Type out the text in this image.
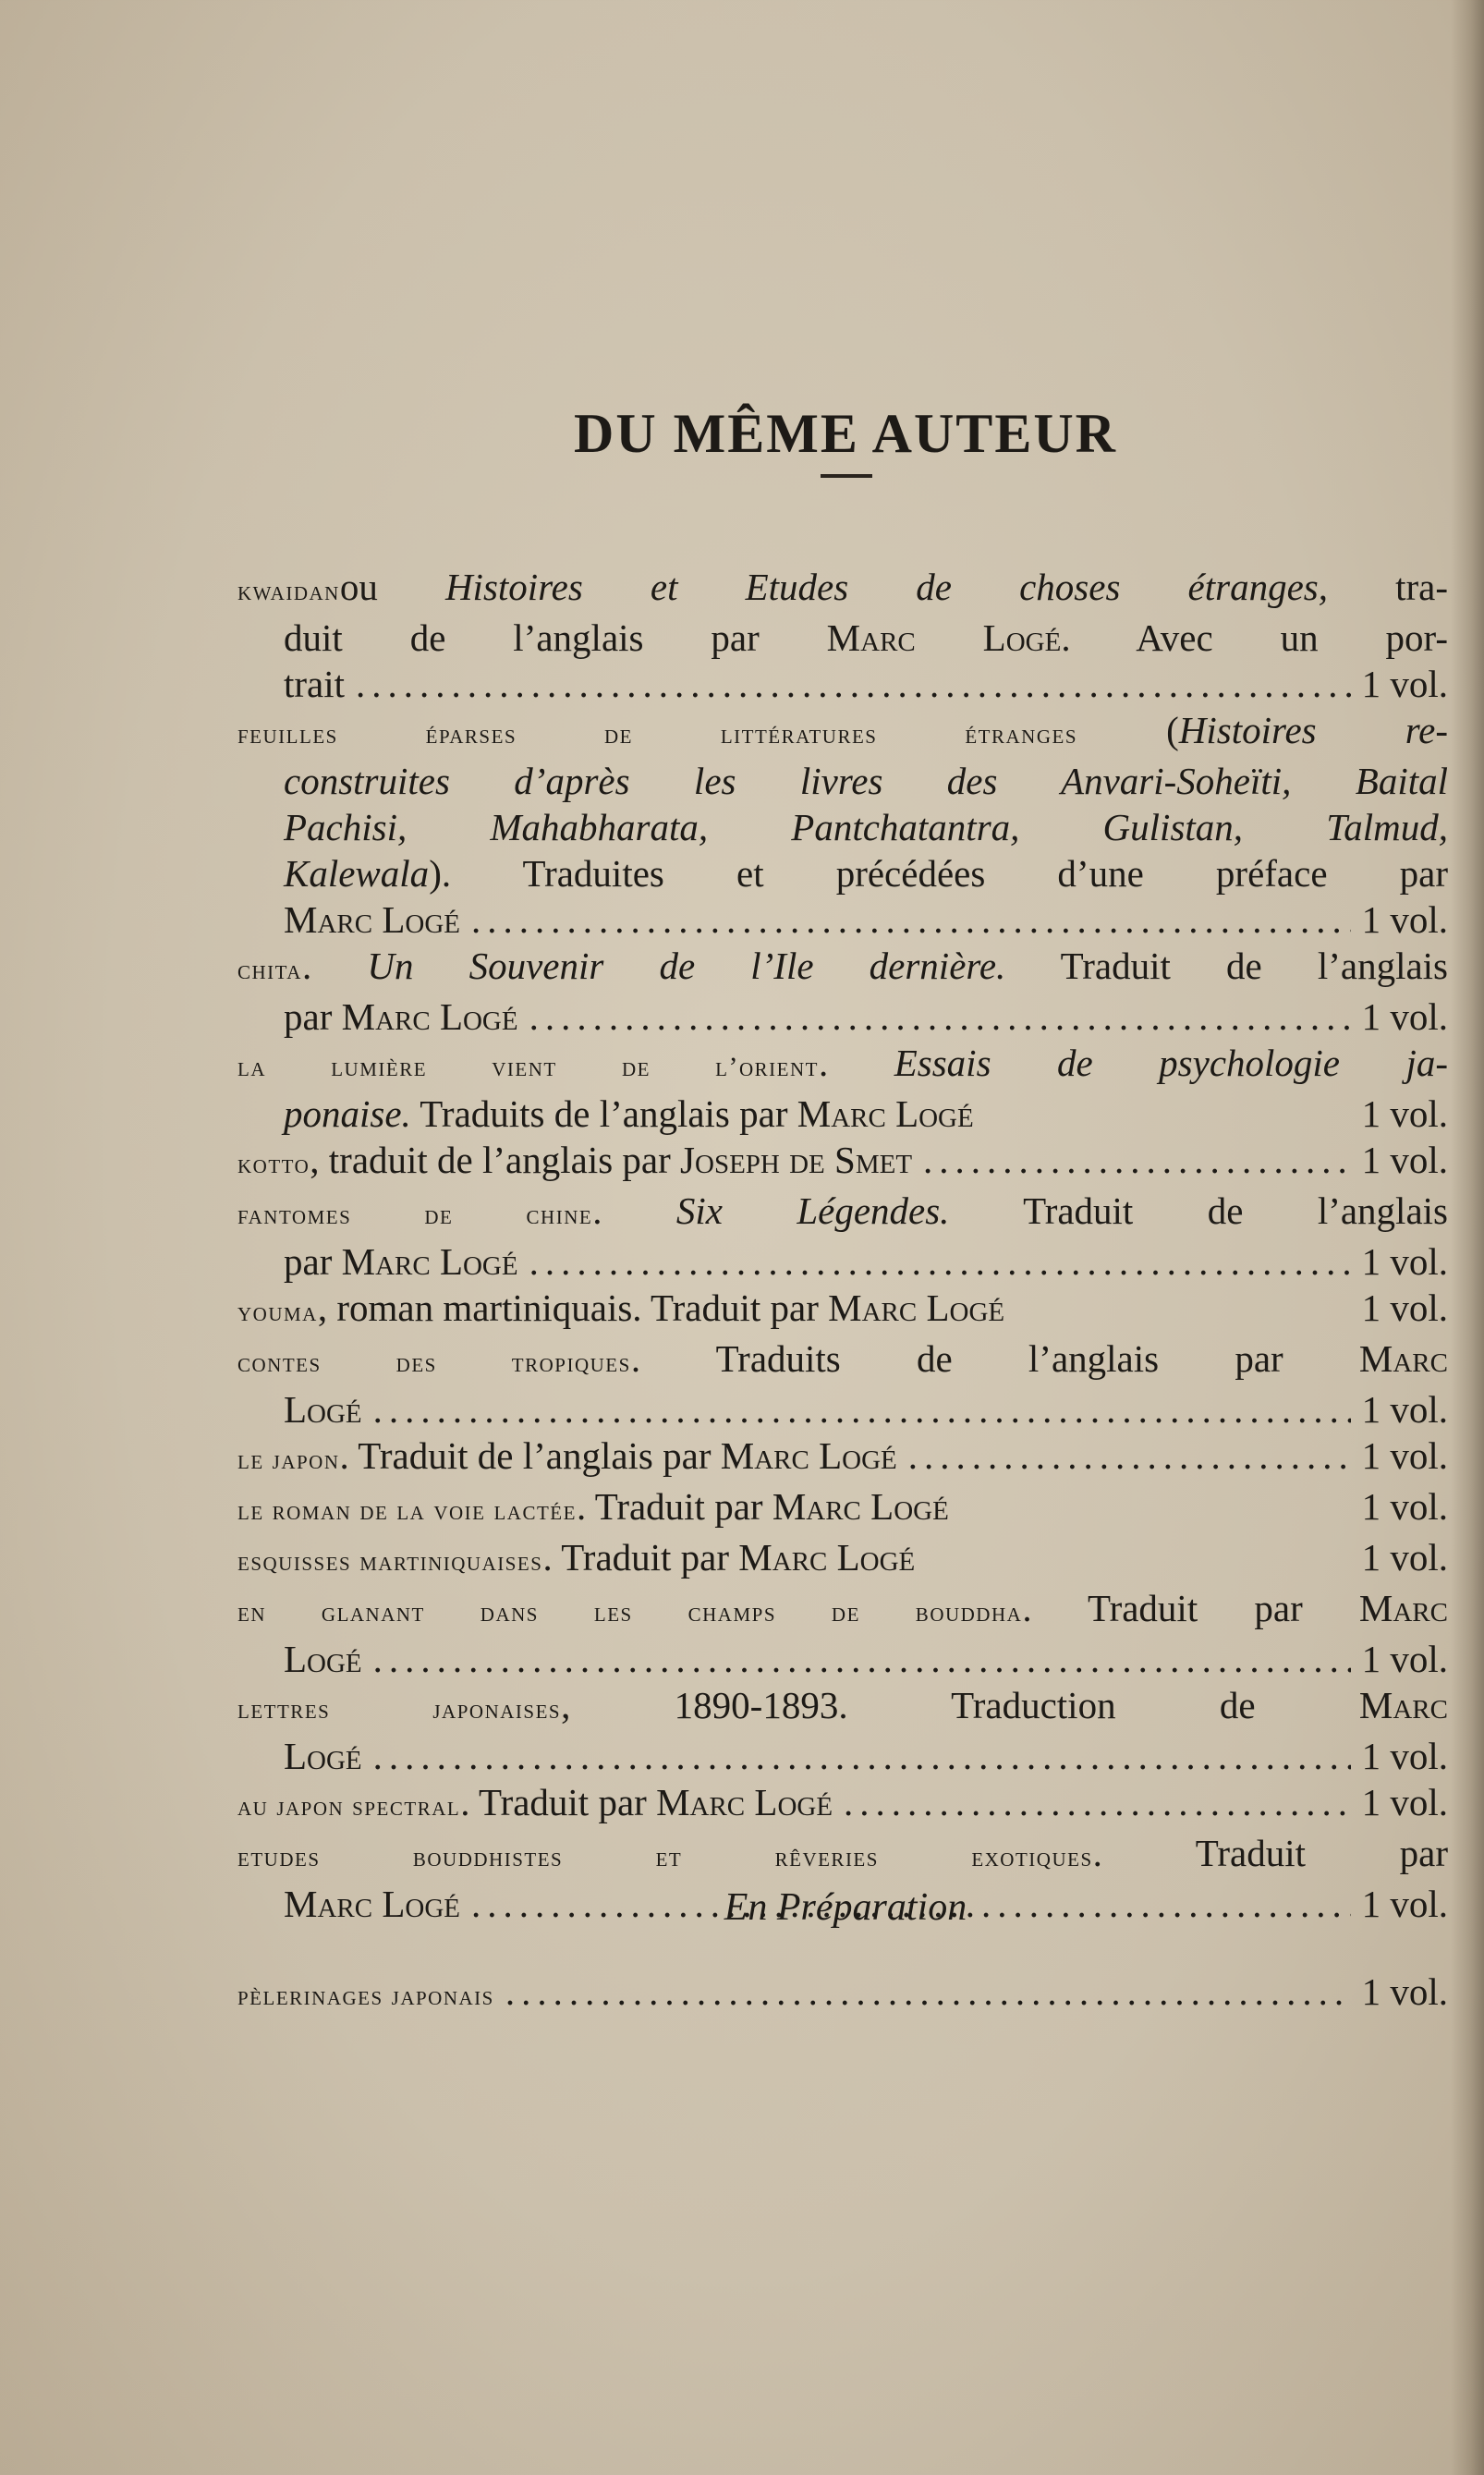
DU MÊME AUTEUR
kwaidanou Histoires et Etudes de choses étranges, tra-
duit de l’anglais par Marc Logé. Avec un por-
trait .....	1 vol.
feuilles éparses de littératures étranges (Histoires re-
construites d’après les livres des Anvari-Soheïti, Baital
Pachisi, Mahabharata, Pantchatantra, Gulistan, Talmud,
Kalewala). Traduites et précédées d’une préface par
Marc Logé .....	1 vol.
chita. Un Souvenir de l’Ile dernière. Traduit de l’anglais
par Marc Logé .....	1 vol.
la lumière vient de l’orient. Essais de psychologie ja-
ponaise. Traduits de l’anglais par Marc Logé	1 vol.
kotto, traduit de l’anglais par Joseph de Smet .....	1 vol.
fantomes de chine. Six Légendes. Traduit de l’anglais
par Marc Logé .....	1 vol.
youma, roman martiniquais. Traduit par Marc Logé	1 vol.
contes des tropiques. Traduits de l’anglais par Marc
Logé .....	1 vol.
le japon. Traduit de l’anglais par Marc Logé .....	1 vol.
le roman de la voie lactée. Traduit par Marc Logé	1 vol.
esquisses martiniquaises. Traduit par Marc Logé	1 vol.
en glanant dans les champs de bouddha. Traduit par Marc
Logé .....	1 vol.
lettres japonaises, 1890-1893. Traduction de Marc
Logé .....	1 vol.
au japon spectral. Traduit par Marc Logé .....	1 vol.
etudes bouddhistes et rêveries exotiques. Traduit par
Marc Logé .....	1 vol.
En Préparation
pèlerinages japonais .....	1 vol.
